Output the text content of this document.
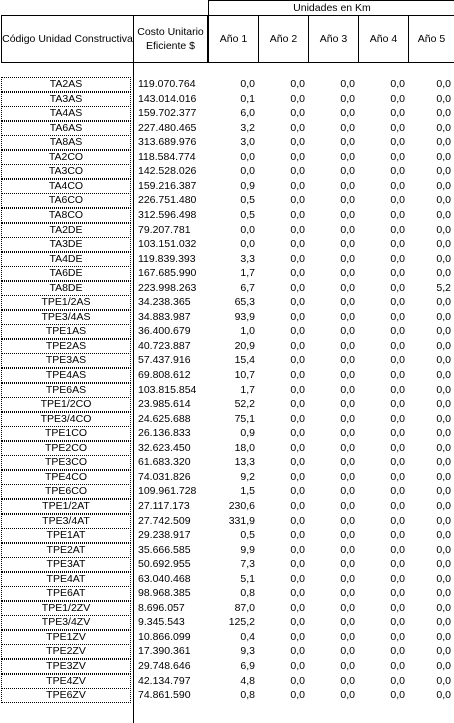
Unidades en Km
Código Unidad Constructiva
Costo Unitario Eficiente $
Año 1	Año 2	Año 3	Año 4	Año 5
TA2AS	119.070.764	0,0	0,0	0,0	0,0	0,0
TA3AS	143.014.016	0,1	0,0	0,0	0,0	0,0
TA4AS	159.702.377	6,0	0,0	0,0	0,0	0,0
TA6AS	227.480.465	3,2	0,0	0,0	0,0	0,0
TA8AS	313.689.976	3,0	0,0	0,0	0,0	0,0
TA2CO	118.584.774	0,0	0,0	0,0	0,0	0,0
TA3CO	142.528.026	0,0	0,0	0,0	0,0	0,0
TA4CO	159.216.387	0,9	0,0	0,0	0,0	0,0
TA6CO	226.751.480	0,5	0,0	0,0	0,0	0,0
TA8CO	312.596.498	0,5	0,0	0,0	0,0	0,0
TA2DE	79.207.781	0,0	0,0	0,0	0,0	0,0
TA3DE	103.151.032	0,0	0,0	0,0	0,0	0,0
TA4DE	119.839.393	3,3	0,0	0,0	0,0	0,0
TA6DE	167.685.990	1,7	0,0	0,0	0,0	0,0
TA8DE	223.998.263	6,7	0,0	0,0	0,0	5,2
TPE1/2AS	34.238.365	65,3	0,0	0,0	0,0	0,0
TPE3/4AS	34.883.987	93,9	0,0	0,0	0,0	0,0
TPE1AS	36.400.679	1,0	0,0	0,0	0,0	0,0
TPE2AS	40.723.887	20,9	0,0	0,0	0,0	0,0
TPE3AS	57.437.916	15,4	0,0	0,0	0,0	0,0
TPE4AS	69.808.612	10,7	0,0	0,0	0,0	0,0
TPE6AS	103.815.854	1,7	0,0	0,0	0,0	0,0
TPE1/2CO	23.985.614	52,2	0,0	0,0	0,0	0,0
TPE3/4CO	24.625.688	75,1	0,0	0,0	0,0	0,0
TPE1CO	26.136.833	0,9	0,0	0,0	0,0	0,0
TPE2CO	32.623.450	18,0	0,0	0,0	0,0	0,0
TPE3CO	61.683.320	13,3	0,0	0,0	0,0	0,0
TPE4CO	74.031.826	9,2	0,0	0,0	0,0	0,0
TPE6CO	109.961.728	1,5	0,0	0,0	0,0	0,0
TPE1/2AT	27.117.173	230,6	0,0	0,0	0,0	0,0
TPE3/4AT	27.742.509	331,9	0,0	0,0	0,0	0,0
TPE1AT	29.238.917	0,5	0,0	0,0	0,0	0,0
TPE2AT	35.666.585	9,9	0,0	0,0	0,0	0,0
TPE3AT	50.692.955	7,3	0,0	0,0	0,0	0,0
TPE4AT	63.040.468	5,1	0,0	0,0	0,0	0,0
TPE6AT	98.968.385	0,8	0,0	0,0	0,0	0,0
TPE1/2ZV	8.696.057	87,0	0,0	0,0	0,0	0,0
TPE3/4ZV	9.345.543	125,2	0,0	0,0	0,0	0,0
TPE1ZV	10.866.099	0,4	0,0	0,0	0,0	0,0
TPE2ZV	17.390.361	9,3	0,0	0,0	0,0	0,0
TPE3ZV	29.748.646	6,9	0,0	0,0	0,0	0,0
TPE4ZV	42.134.797	4,8	0,0	0,0	0,0	0,0
TPE6ZV	74.861.590	0,8	0,0	0,0	0,0	0,0
